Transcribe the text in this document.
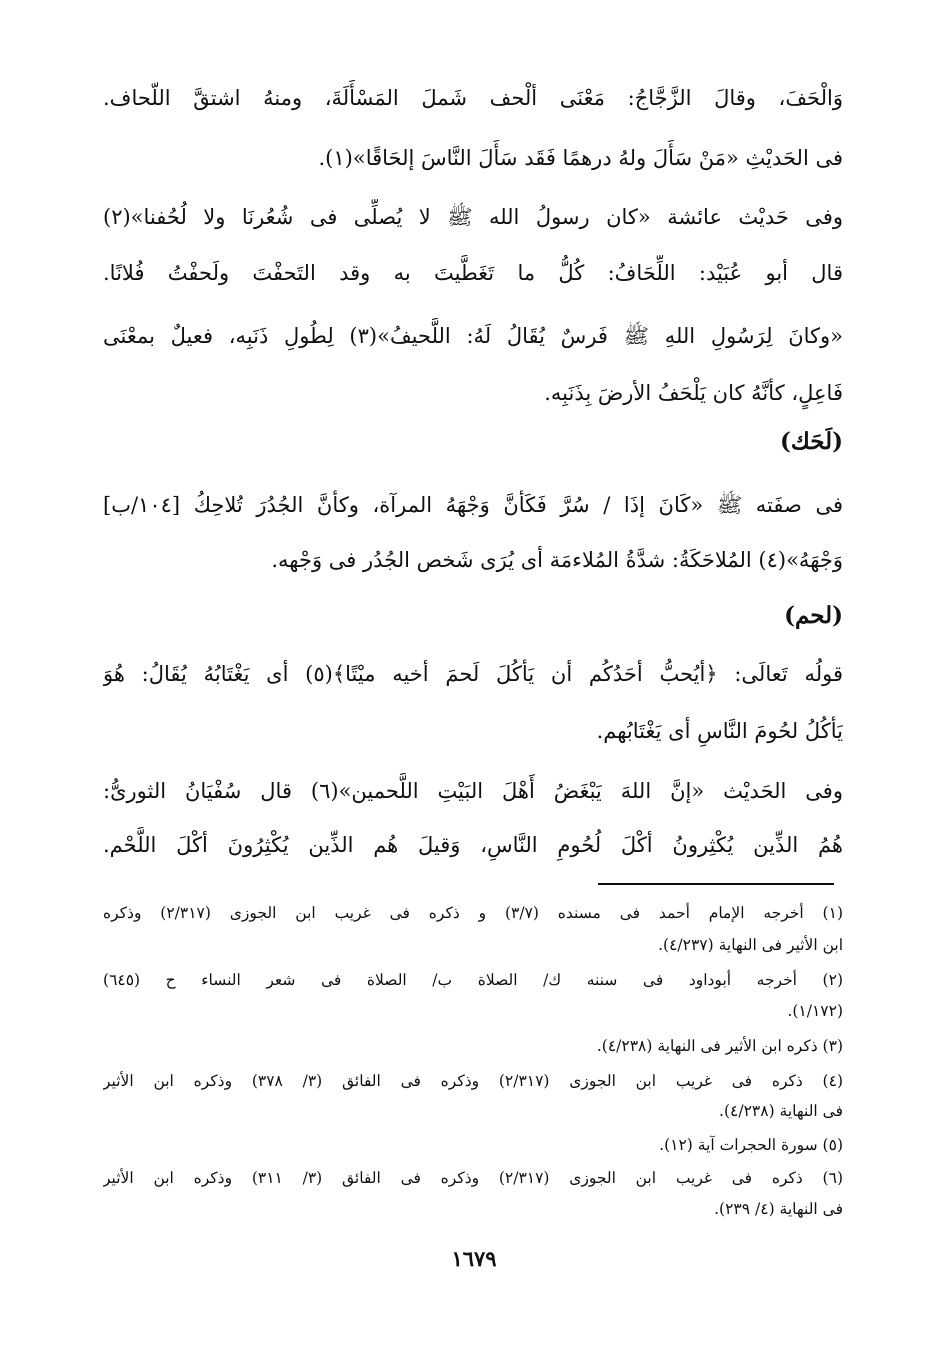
وَالْحَفَ، وقالَ الزَّجَّاجُ: مَعْنَى ألْحف شَملَ المَسْأَلَةَ، ومنهُ اشتقَّ اللّحاف.
فى الحَديْثِ «مَنْ سَأَلَ ولهُ درهمًا فَقَد سَأَلَ النَّاسَ إلحَاقًا»(١).
وفى حَديْث عائشة «كان رسولُ الله ﷺ لا يُصلِّى فى شُعُرنَا ولا لُحُفنا»(٢)
قال أبو عُبَيْد: اللِّحَافُ: كُلُّ ما تَغَطَّيتَ به وقد التَحفْتَ ولَحفْتُ فُلانًا.
«وكانَ لِرَسُولِ اللهِ ﷺ فَرسٌ يُقَالُ لَهُ: اللَّحيفُ»(٣) لِطُولِ ذَنَبِه، فعيلٌ بمعْنَى
فَاعِلٍ، كأنَّهُ كان يَلْحَفُ الأرضَ بِذَنَبِه.
(لَحَك)
فى صفَته ﷺ «كَانَ إذَا / سُرَّ فَكَأنَّ وَجْهَهُ المرآة، وكأنَّ الجُدُرَ تُلاحِكُ [١٠٤/ب]
وَجْهَهُ»(٤) المُلاحَكَةُ: شدَّةُ المُلاءمَة أى يُرَى شَخص الجُدُر فى وَجْهه.
(لحم)
قولُه تَعالَى: ﴿أيُحبُّ أحَدُكُم أن يَأكُلَ لَحمَ أخيه ميْتًا﴾(٥) أى يَغْتَابُهُ يُقَالُ: هُوَ
يَأكُلُ لحُومَ النَّاسِ أى يَغْتَابُهم.
وفى الحَديْث «إنَّ اللهَ يَبْغَضُ أَهْلَ البَيْتِ اللَّحمين»(٦) قال سُفْيَانُ الثورىُّ:
هُمُ الذِّين يُكْثِرونُ أكْلَ لُحُومِ النَّاسِ، وَقيلَ هُم الذِّين يُكْثِرُونَ أكْلَ اللَّحْم.
(١) أخرجه الإمام أحمد فى مسنده (٣/٧) و ذكره فى غريب ابن الجوزى (٢/٣١٧) وذكره
ابن الأثير فى النهاية (٤/٢٣٧).
(٢) أخرجه أبوداود فى سننه ك/ الصلاة ب/ الصلاة فى شعر النساء ح (٦٤٥)
(١/١٧٢).
(٣) ذكره ابن الأثير فى النهاية (٤/٢٣٨).
(٤) ذكره فى غريب ابن الجوزى (٢/٣١٧) وذكره فى الفائق (٣/ ٣٧٨) وذكره ابن الأثير
فى النهاية (٤/٢٣٨).
(٥) سورة الحجرات آية (١٢).
(٦) ذكره فى غريب ابن الجوزى (٢/٣١٧) وذكره فى الفائق (٣/ ٣١١) وذكره ابن الأثير
فى النهاية (٤/ ٢٣٩).
١٦٧٩
